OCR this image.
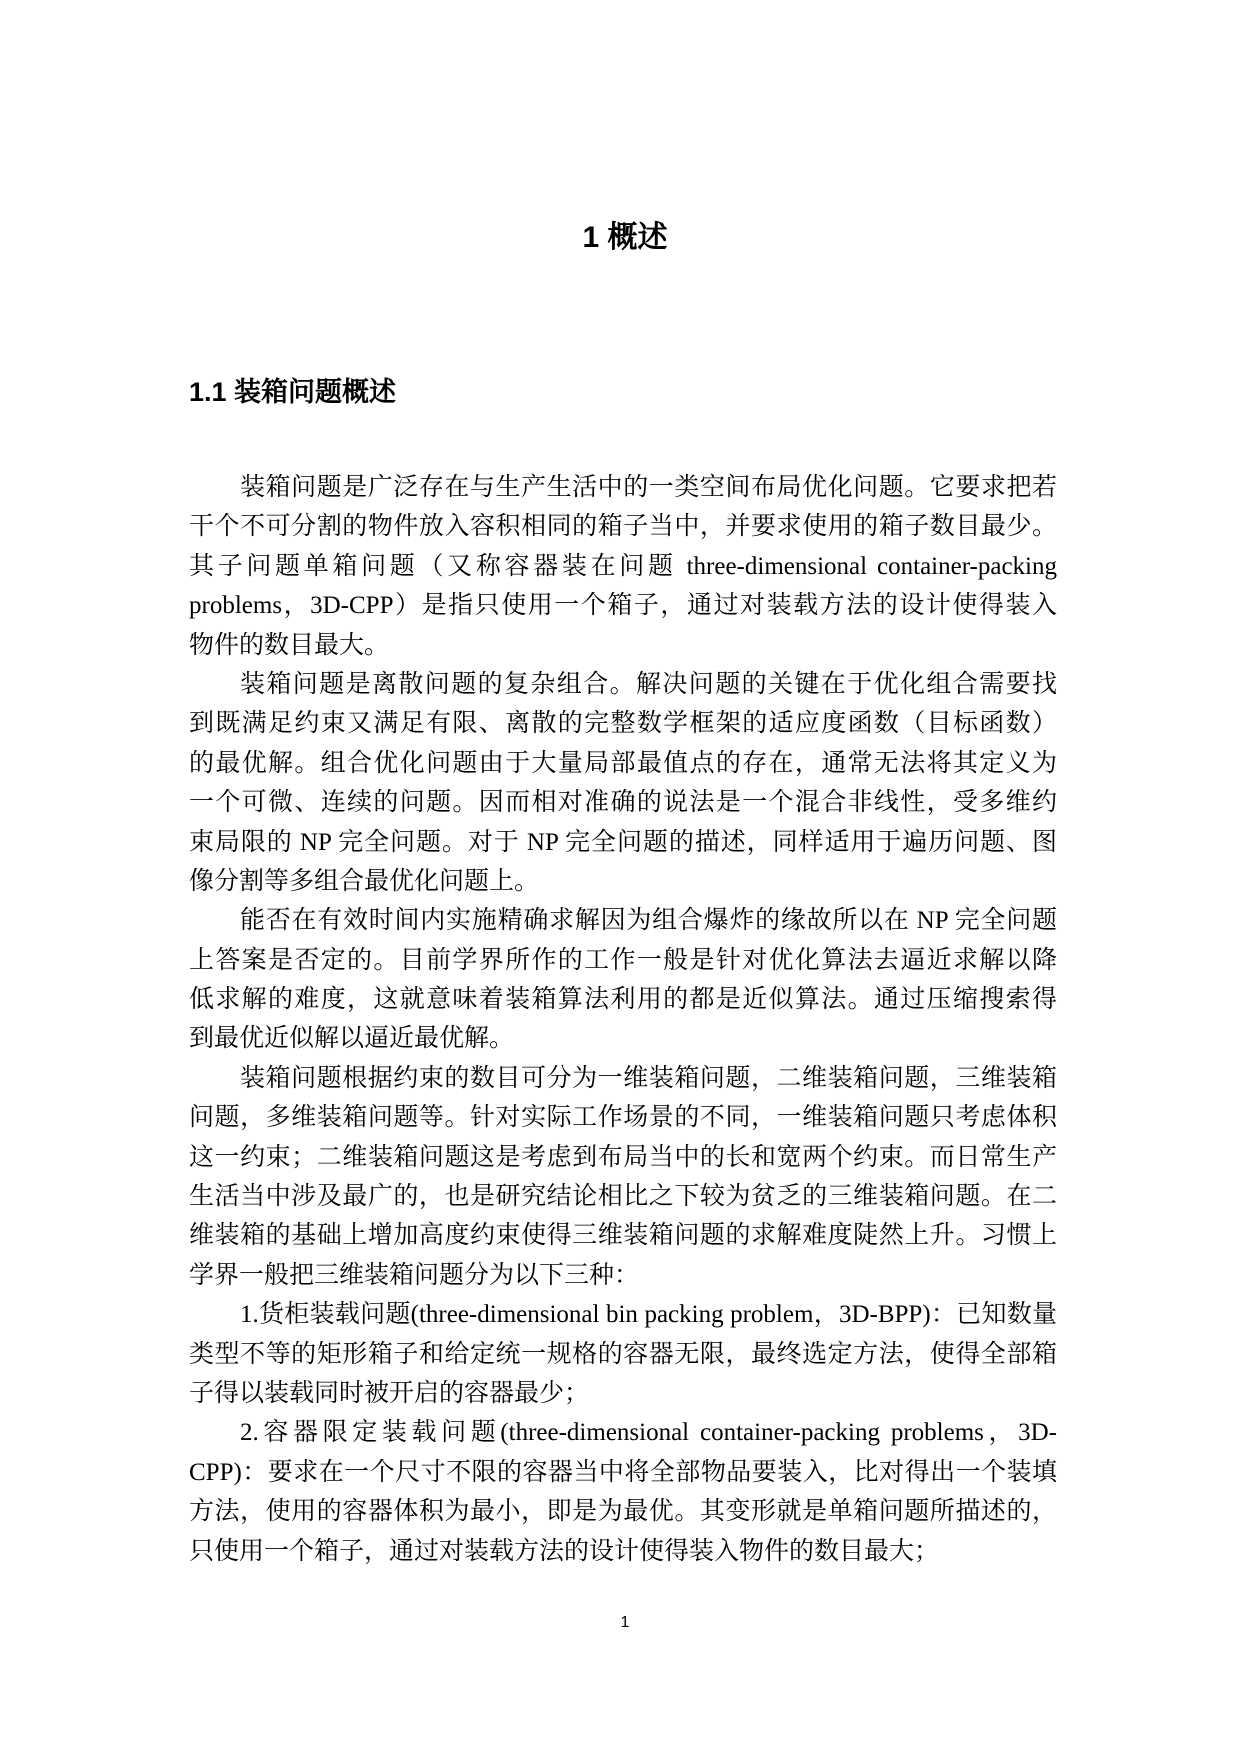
1 概述
1.1 装箱问题概述
装箱问题是广泛存在与生产生活中的一类空间布局优化问题。它要求把若
干个不可分割的物件放入容积相同的箱子当中，并要求使用的箱子数目最少。
其子问题单箱问题（又称容器装在问题 three-dimensional container-packing
problems，3D-CPP）是指只使用一个箱子，通过对装载方法的设计使得装入
物件的数目最大。
装箱问题是离散问题的复杂组合。解决问题的关键在于优化组合需要找
到既满足约束又满足有限、离散的完整数学框架的适应度函数（目标函数）
的最优解。组合优化问题由于大量局部最值点的存在，通常无法将其定义为
一个可微、连续的问题。因而相对准确的说法是一个混合非线性，受多维约
束局限的 NP 完全问题。对于 NP 完全问题的描述，同样适用于遍历问题、图
像分割等多组合最优化问题上。
能否在有效时间内实施精确求解因为组合爆炸的缘故所以在 NP 完全问题
上答案是否定的。目前学界所作的工作一般是针对优化算法去逼近求解以降
低求解的难度，这就意味着装箱算法利用的都是近似算法。通过压缩搜索得
到最优近似解以逼近最优解。
装箱问题根据约束的数目可分为一维装箱问题，二维装箱问题，三维装箱
问题，多维装箱问题等。针对实际工作场景的不同，一维装箱问题只考虑体积
这一约束；二维装箱问题这是考虑到布局当中的长和宽两个约束。而日常生产
生活当中涉及最广的，也是研究结论相比之下较为贫乏的三维装箱问题。在二
维装箱的基础上增加高度约束使得三维装箱问题的求解难度陡然上升。习惯上
学界一般把三维装箱问题分为以下三种：
1.货柜装载问题(three-dimensional bin packing problem，3D-BPP)：已知数量
类型不等的矩形箱子和给定统一规格的容器无限，最终选定方法，使得全部箱
子得以装载同时被开启的容器最少；
2.容器限定装载问题(three-dimensional container-packing problems，3D-
CPP)：要求在一个尺寸不限的容器当中将全部物品要装入，比对得出一个装填
方法，使用的容器体积为最小，即是为最优。其变形就是单箱问题所描述的，
只使用一个箱子，通过对装载方法的设计使得装入物件的数目最大；
1
